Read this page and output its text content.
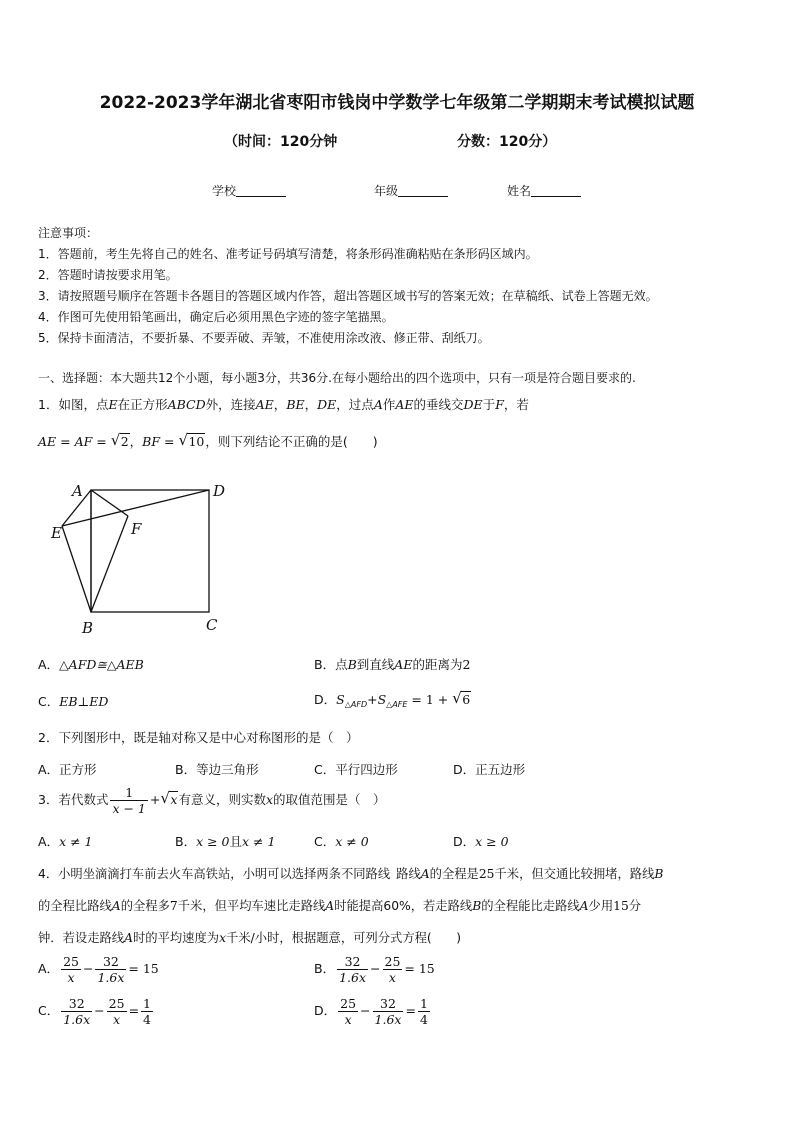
2022-2023学年湖北省枣阳市钱岗中学数学七年级第二学期期末考试模拟试题
（时间：120分钟	分数：120分）
学校	年级	姓名
注意事项：
1．答题前，考生先将自己的姓名、准考证号码填写清楚，将条形码准确粘贴在条形码区域内。
2．答题时请按要求用笔。
3．请按照题号顺序在答题卡各题目的答题区域内作答，超出答题区域书写的答案无效；在草稿纸、试卷上答题无效。
4．作图可先使用铅笔画出，确定后必须用黑色字迹的签字笔描黑。
5．保持卡面清洁，不要折暴、不要弄破、弄皱，不准使用涂改液、修正带、刮纸刀。
一、选择题：本大题共12个小题，每小题3分，共36分.在每小题给出的四个选项中，只有一项是符合题目要求的.
1．如图，点E在正方形ABCD外，连接AE，BE，DE，过点A作AE的垂线交DE于F，若
AE = AF = √ 2，BF = √ 10，则下列结论不正确的是(　　)
A	D
E	F
B	C
A．△AFD≅△AEB	B．点B到直线AE的距离为2
C．EB⊥ED	D．$S_{\triangle AFD}+S_{\triangle AFE} = 1$ + √ 6
2．下列图形中，既是轴对称又是中心对称图形的是（　）
A．正方形	B．等边三角形	C．平行四边形	D．正五边形
3．若代数式 $\frac{1}{x - 1}$ + √ x有意义，则实数x的取值范围是（　）
A．x ≠ 1	B．x ≥ 0且x ≠ 1	C．x ≠ 0	D．x ≥ 0
4．小明坐滴滴打车前去火车高铁站，小明可以选择两条不同路线 路线A的全程是25千米，但交通比较拥堵，路线B
的全程比路线A的全程多7千米，但平均车速比走路线A时能提高60%，若走路线B的全程能比走路线A少用15分
钟．若设走路线A时的平均速度为x千米/小时，根据题意，可列分式方程(　　)
A． $\frac{25}{x} - \frac{32}{1.6x} = 15$	B． $\frac{32}{1.6x} - \frac{25}{x} = 15$
C． $\frac{32}{1.6x} - \frac{25}{x} = \frac{1}{4}$	D． $\frac{25}{x} - \frac{32}{1.6x} = \frac{1}{4}$
